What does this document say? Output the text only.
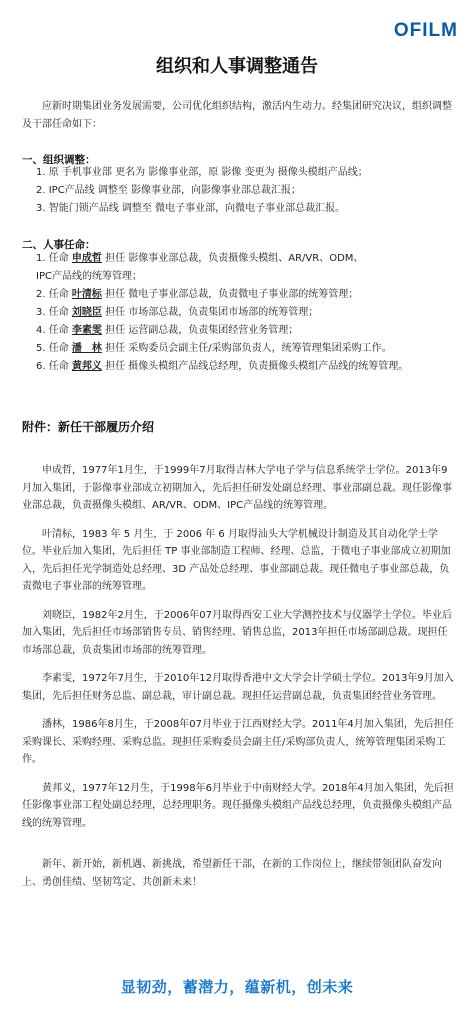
OFILM
组织和人事调整通告

应新时期集团业务发展需要，公司优化组织结构，激活内生动力。经集团研究决议，组织调整及干部任命如下：

一、组织调整：
1. 原 手机事业部 更名为 影像事业部，原 影像 变更为 摄像头模组产品线；
2. IPC产品线 调整至 影像事业部，向影像事业部总裁汇报；
3. 智能门锁产品线 调整至 微电子事业部，向微电子事业部总裁汇报。
二、人事任命：
1. 任命 申成哲 担任 影像事业部总裁，负责摄像头模组、AR/VR、ODM、
IPC产品线的统筹管理；
2. 任命 叶清标 担任 微电子事业部总裁，负责微电子事业部的统筹管理；
3. 任命 刘晓臣 担任 市场部总裁，负责集团市场部的统筹管理；
4. 任命 李素雯 担任 运营副总裁，负责集团经营业务管理；
5. 任命 潘　林 担任 采购委员会副主任/采购部负责人，统筹管理集团采购工作。
6. 任命 黄邦义 担任 摄像头模组产品线总经理，负责摄像头模组产品线的统筹管理。
附件：新任干部履历介绍

申成哲，1977年1月生，于1999年7月取得吉林大学电子学与信息系统学士学位。2013年9月加入集团，于影像事业部成立初期加入，先后担任研发处副总经理、事业部副总裁。现任影像事业部总裁，负责摄像头模组、AR/VR、ODM、IPC产品线的统筹管理。

叶清标，1983 年 5 月生，于 2006 年 6 月取得汕头大学机械设计制造及其自动化学士学位。毕业后加入集团，先后担任 TP 事业部制造工程师、经理、总监，于微电子事业部成立初期加入，先后担任光学制造处总经理、3D 产品处总经理、事业部副总裁。现任微电子事业部总裁，负责微电子事业部的统筹管理。

刘晓臣，1982年2月生，于2006年07月取得西安工业大学测控技术与仪器学士学位。毕业后加入集团，先后担任市场部销售专员、销售经理、销售总监，2013年担任市场部副总裁。现担任市场部总裁，负责集团市场部的统筹管理。

李素雯，1972年7月生，于2010年12月取得香港中文大学会计学硕士学位。2013年9月加入集团，先后担任财务总监、副总裁，审计副总裁。现担任运营副总裁，负责集团经营业务管理。

潘林，1986年8月生，于2008年07月毕业于江西财经大学。2011年4月加入集团，先后担任采购课长、采购经理、采购总监。现担任采购委员会副主任/采购部负责人，统筹管理集团采购工作。

黄邦义，1977年12月生，于1998年6月毕业于中南财经大学。2018年4月加入集团，先后担任影像事业部工程处副总经理，总经理职务。现任摄像头模组产品线总经理，负责摄像头模组产品线的统筹管理。

新年、新开始，新机遇、新挑战，希望新任干部，在新的工作岗位上，继续带领团队奋发向上、勇创佳绩、坚韧笃定、共创新未来！

显韧劲，蓄潜力，蕴新机，创未来
